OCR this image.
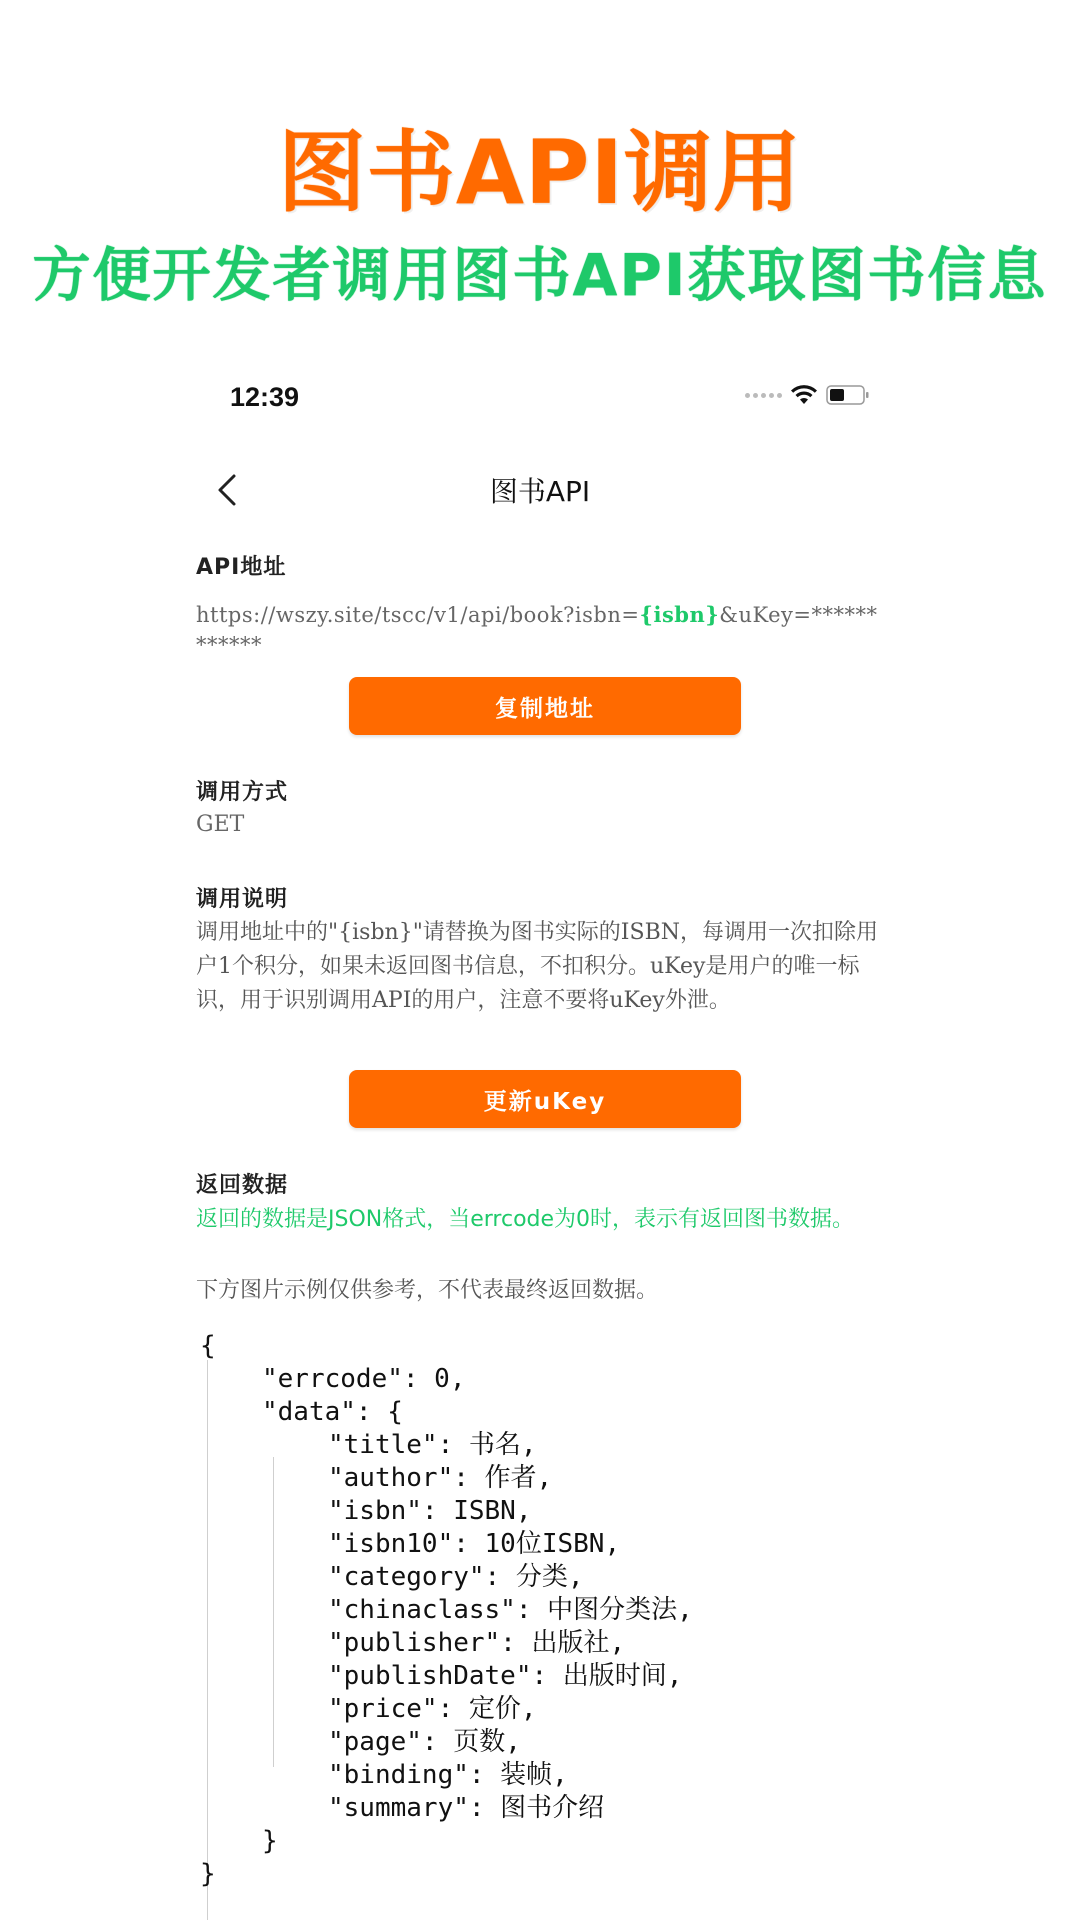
图书API调用
方便开发者调用图书API获取图书信息
12:39
图书API
API地址
https://wszy.site/tscc/v1/api/book?isbn={isbn}&uKey=************
复制地址
调用方式
GET
调用说明
调用地址中的"{isbn}"请替换为图书实际的ISBN，每调用一次扣除用户1个积分，如果未返回图书信息，不扣积分。uKey是用户的唯一标识，用于识别调用API的用户，注意不要将uKey外泄。
更新uKey
返回数据
返回的数据是JSON格式，当errcode为0时，表示有返回图书数据。
下方图片示例仅供参考，不代表最终返回数据。
{
"errcode": 0,
"data": {
"title": 书名,
"author": 作者,
"isbn": ISBN,
"isbn10": 10位ISBN,
"category": 分类,
"chinaclass": 中图分类法,
"publisher": 出版社,
"publishDate": 出版时间,
"price": 定价,
"page": 页数,
"binding": 装帧,
"summary": 图书介绍
}
}
